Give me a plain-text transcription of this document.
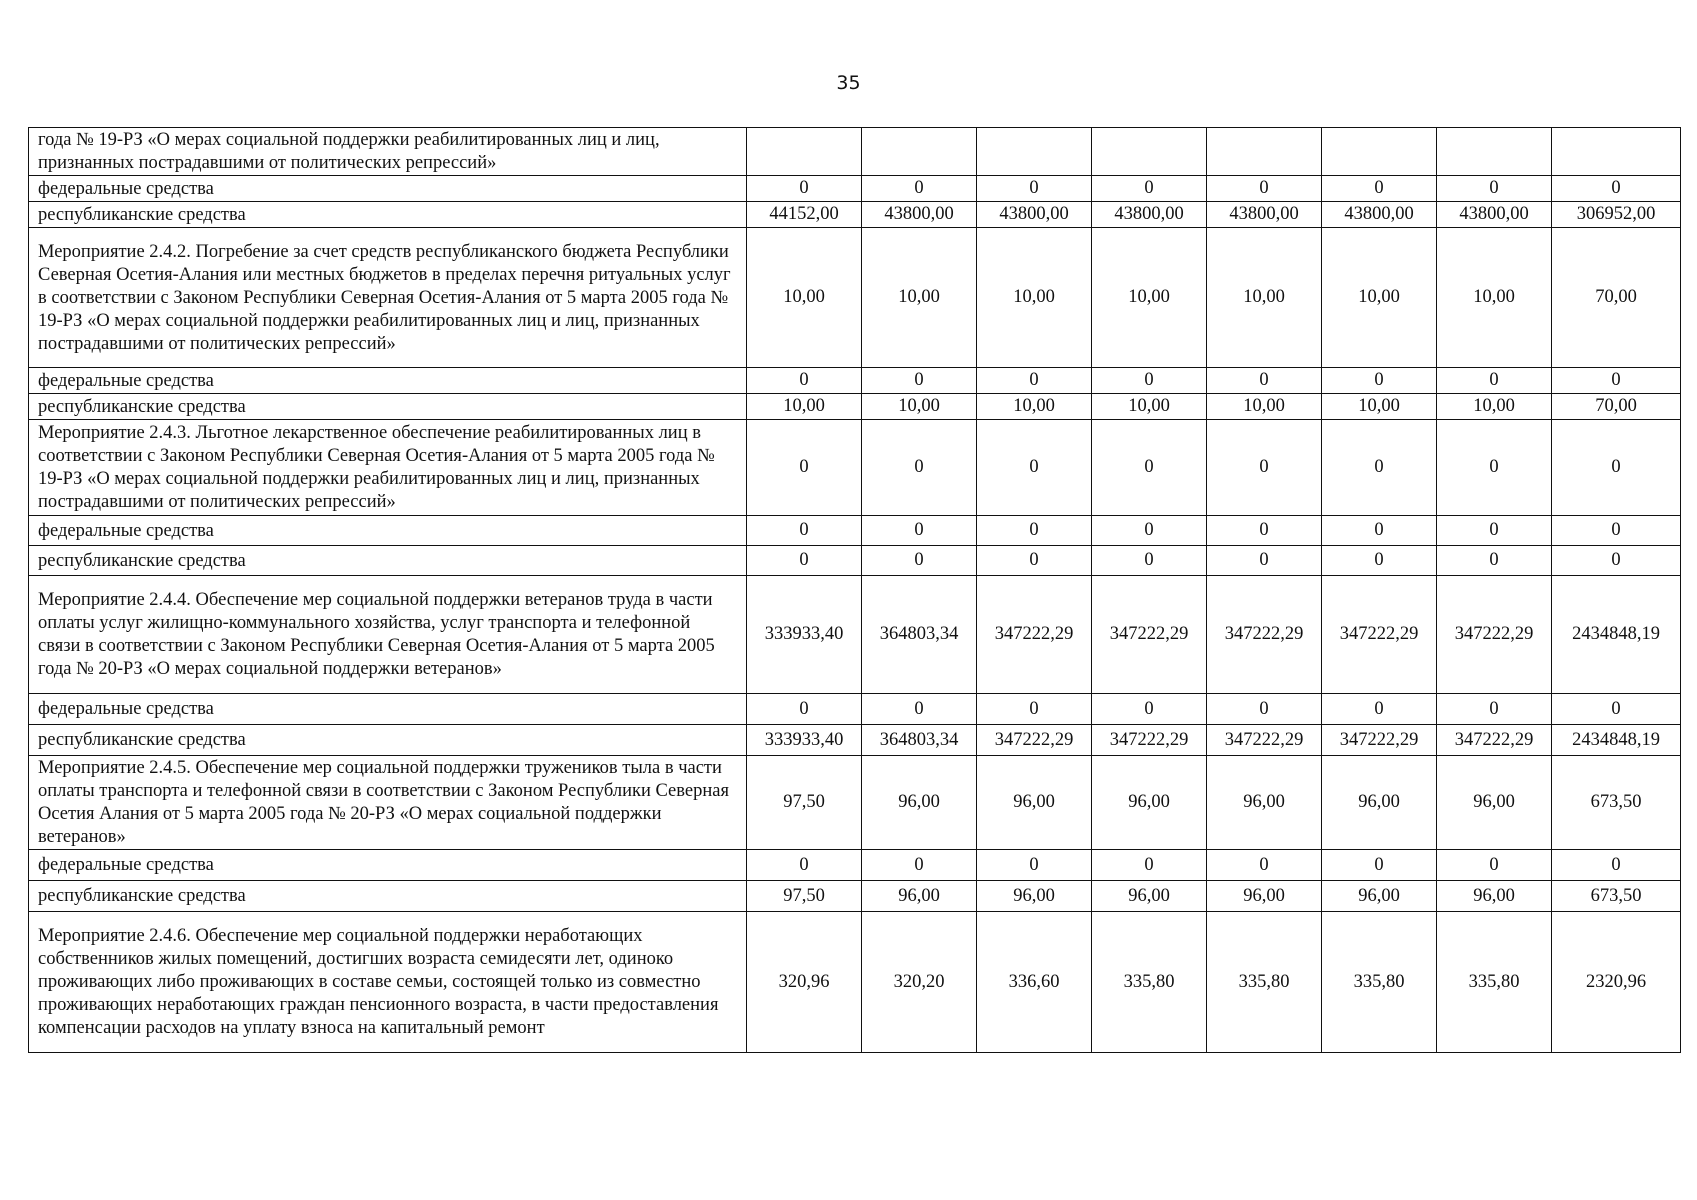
35
года № 19-РЗ «О мерах социальной поддержки реабилитированных лиц и лиц, признанных пострадавшими от политических репрессий»								
федеральные средства	0	0	0	0	0	0	0	0
республиканские средства	44152,00	43800,00	43800,00	43800,00	43800,00	43800,00	43800,00	306952,00
Мероприятие 2.4.2. Погребение за счет средств республиканского бюджета Республики Северная Осетия-Алания или местных бюджетов в пределах перечня ритуальных услуг в соответствии с Законом Республики Северная Осетия-Алания от 5 марта 2005 года № 19-РЗ «О мерах социальной поддержки реабилитированных лиц и лиц, признанных пострадавшими от политических репрессий»	10,00	10,00	10,00	10,00	10,00	10,00	10,00	70,00
федеральные средства	0	0	0	0	0	0	0	0
республиканские средства	10,00	10,00	10,00	10,00	10,00	10,00	10,00	70,00
Мероприятие 2.4.3. Льготное лекарственное обеспечение реабилитированных лиц в соответствии с Законом Республики Северная Осетия-Алания от 5 марта 2005 года № 19-РЗ «О мерах социальной поддержки реабилитированных лиц и лиц, признанных пострадавшими от политических репрессий»	0	0	0	0	0	0	0	0
федеральные средства	0	0	0	0	0	0	0	0
республиканские средства	0	0	0	0	0	0	0	0
Мероприятие 2.4.4. Обеспечение мер социальной поддержки ветеранов труда в части оплаты услуг жилищно-коммунального хозяйства, услуг транспорта и телефонной связи в соответствии с Законом Республики Северная Осетия-Алания от 5 марта 2005 года № 20-РЗ «О мерах социальной поддержки ветеранов»	333933,40	364803,34	347222,29	347222,29	347222,29	347222,29	347222,29	2434848,19
федеральные средства	0	0	0	0	0	0	0	0
республиканские средства	333933,40	364803,34	347222,29	347222,29	347222,29	347222,29	347222,29	2434848,19
Мероприятие 2.4.5. Обеспечение мер социальной поддержки тружеников тыла в части оплаты транспорта и телефонной связи в соответствии с Законом Республики Северная Осетия Алания от 5 марта 2005 года № 20-РЗ «О мерах социальной поддержки ветеранов»	97,50	96,00	96,00	96,00	96,00	96,00	96,00	673,50
федеральные средства	0	0	0	0	0	0	0	0
республиканские средства	97,50	96,00	96,00	96,00	96,00	96,00	96,00	673,50
Мероприятие 2.4.6. Обеспечение мер социальной поддержки неработающих собственников жилых помещений, достигших возраста семидесяти лет, одиноко проживающих либо проживающих в составе семьи, состоящей только из совместно проживающих неработающих граждан пенсионного возраста, в части предоставления компенсации расходов на уплату взноса на капитальный ремонт	320,96	320,20	336,60	335,80	335,80	335,80	335,80	2320,96
